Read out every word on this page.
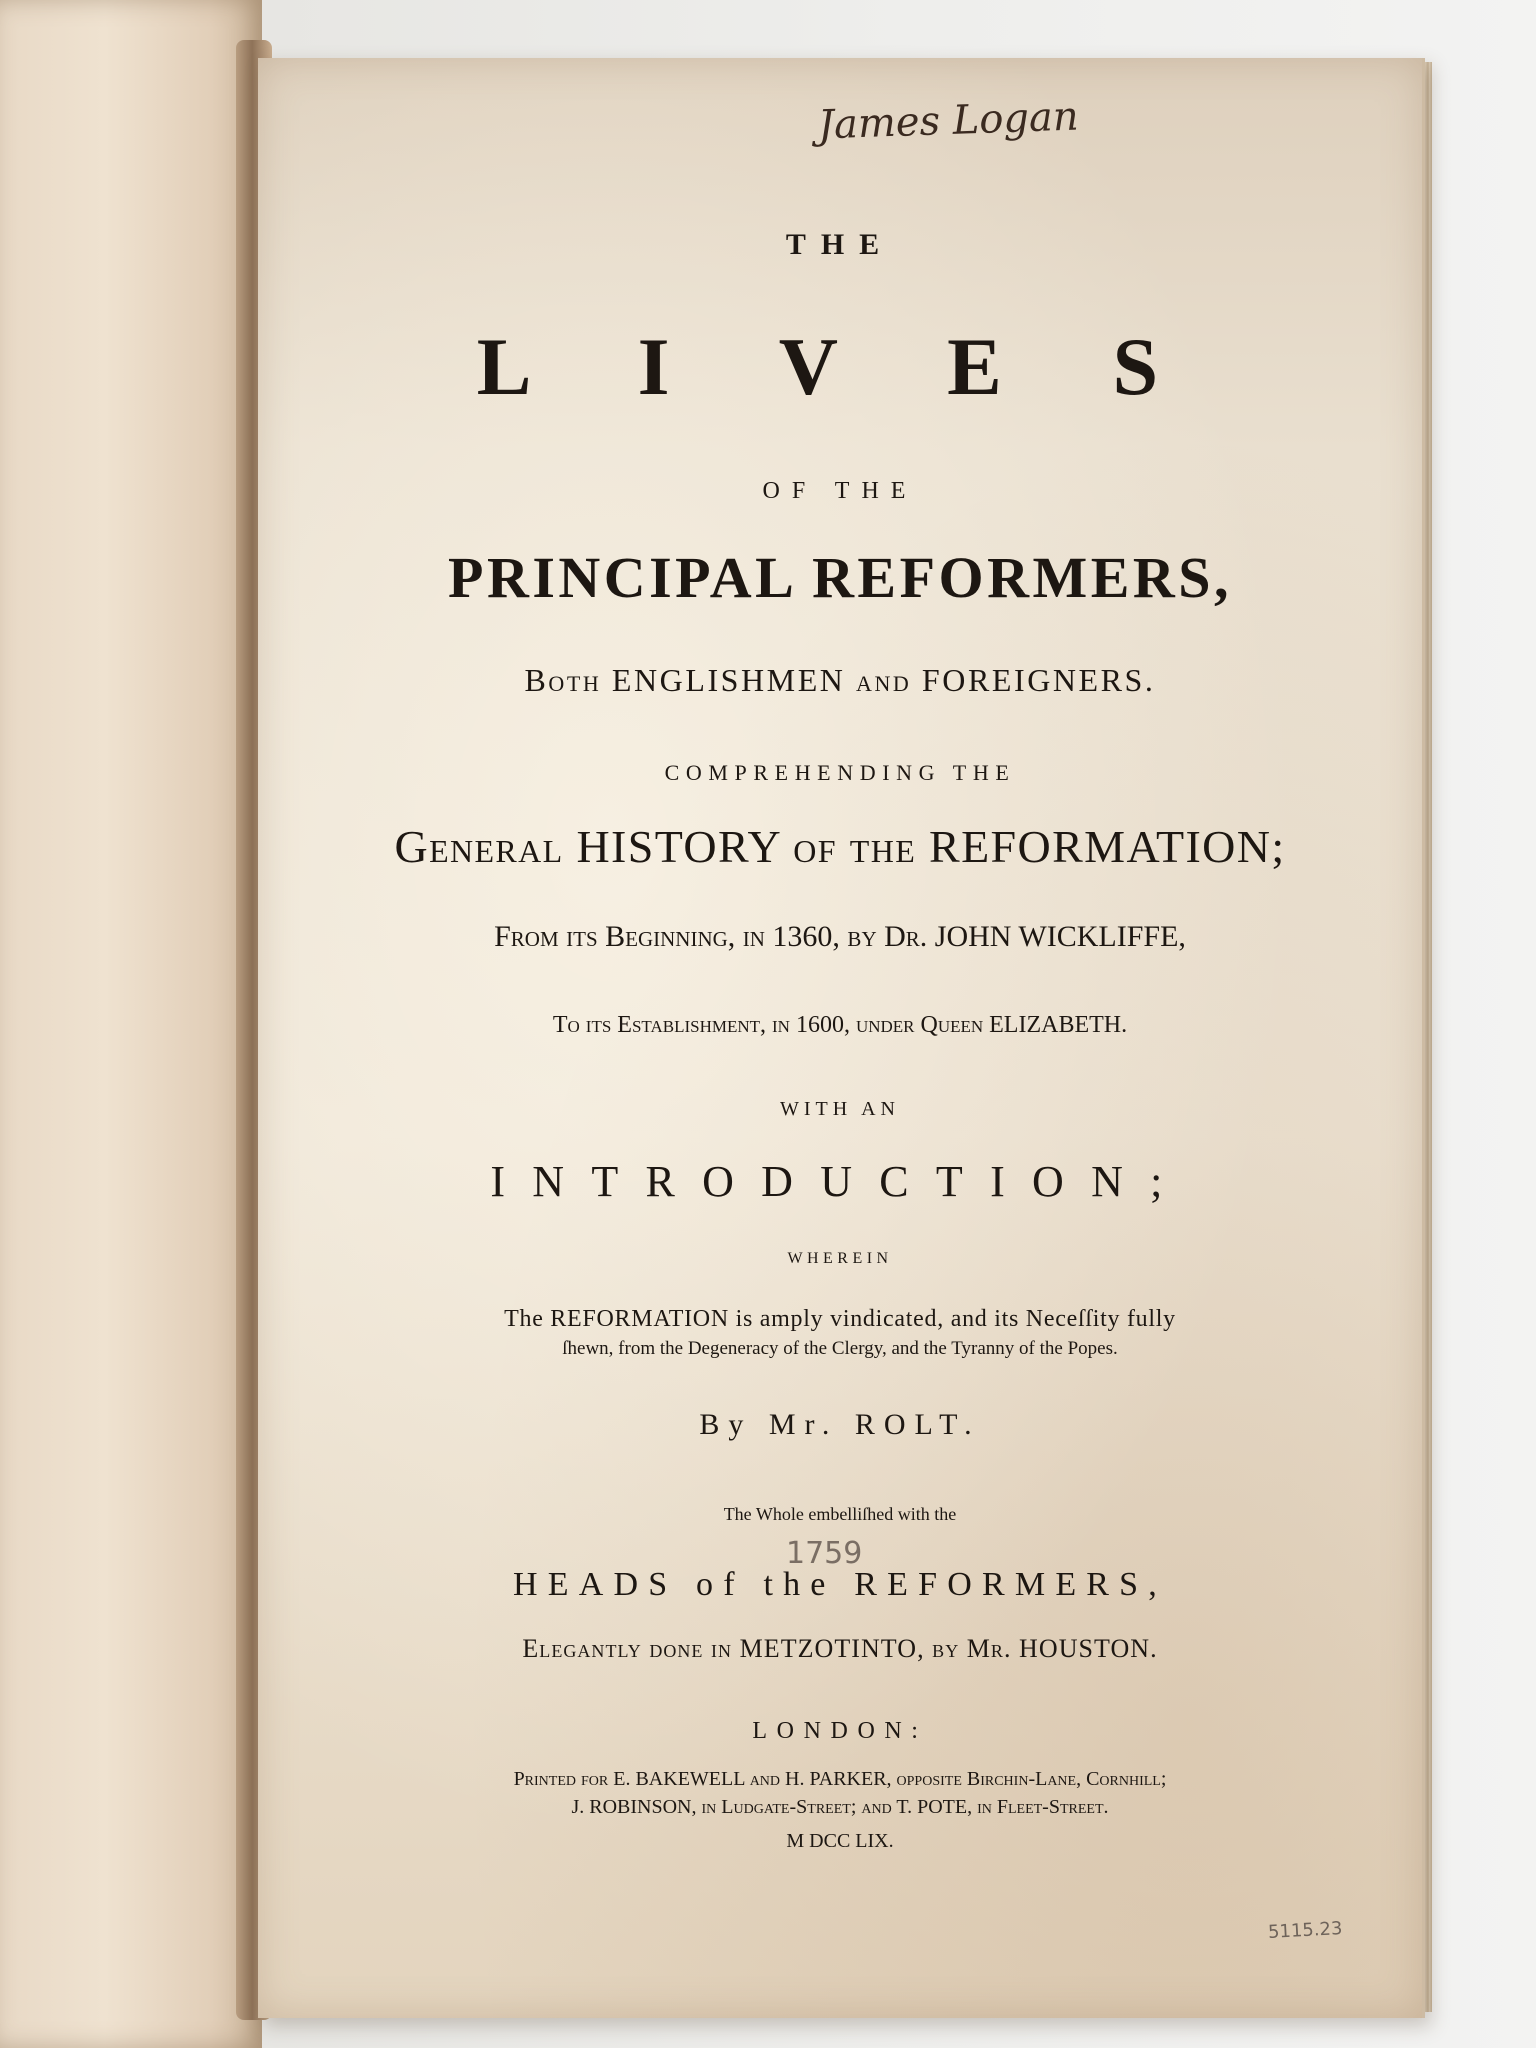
James Logan
THE
L I V E S
OF THE
PRINCIPAL REFORMERS,
Both ENGLISHMEN and FOREIGNERS.
COMPREHENDING THE
General HISTORY of the REFORMATION;
From its Beginning, in 1360, by Dr. JOHN WICKLIFFE,
To its Eſtabliſhment, in 1600, under Queen ELIZABETH.
WITH AN
INTRODUCTION;
WHEREIN
The REFORMATION is amply vindicated, and its Neceſſity fully
ſhewn, from the Degeneracy of the Clergy, and the Tyranny of the Popes.
By Mr. ROLT.
The Whole embelliſhed with the
HEADS of the REFORMERS,
Elegantly done in METZOTINTO, by Mr. HOUSTON.
LONDON:
Printed for E. BAKEWELL and H. PARKER, oppoſite Birchin-Lane, Cornhill;
J. ROBINSON, in Ludgate-Street; and T. POTE, in Fleet-Street.
M DCC LIX.
1759
5115.23
